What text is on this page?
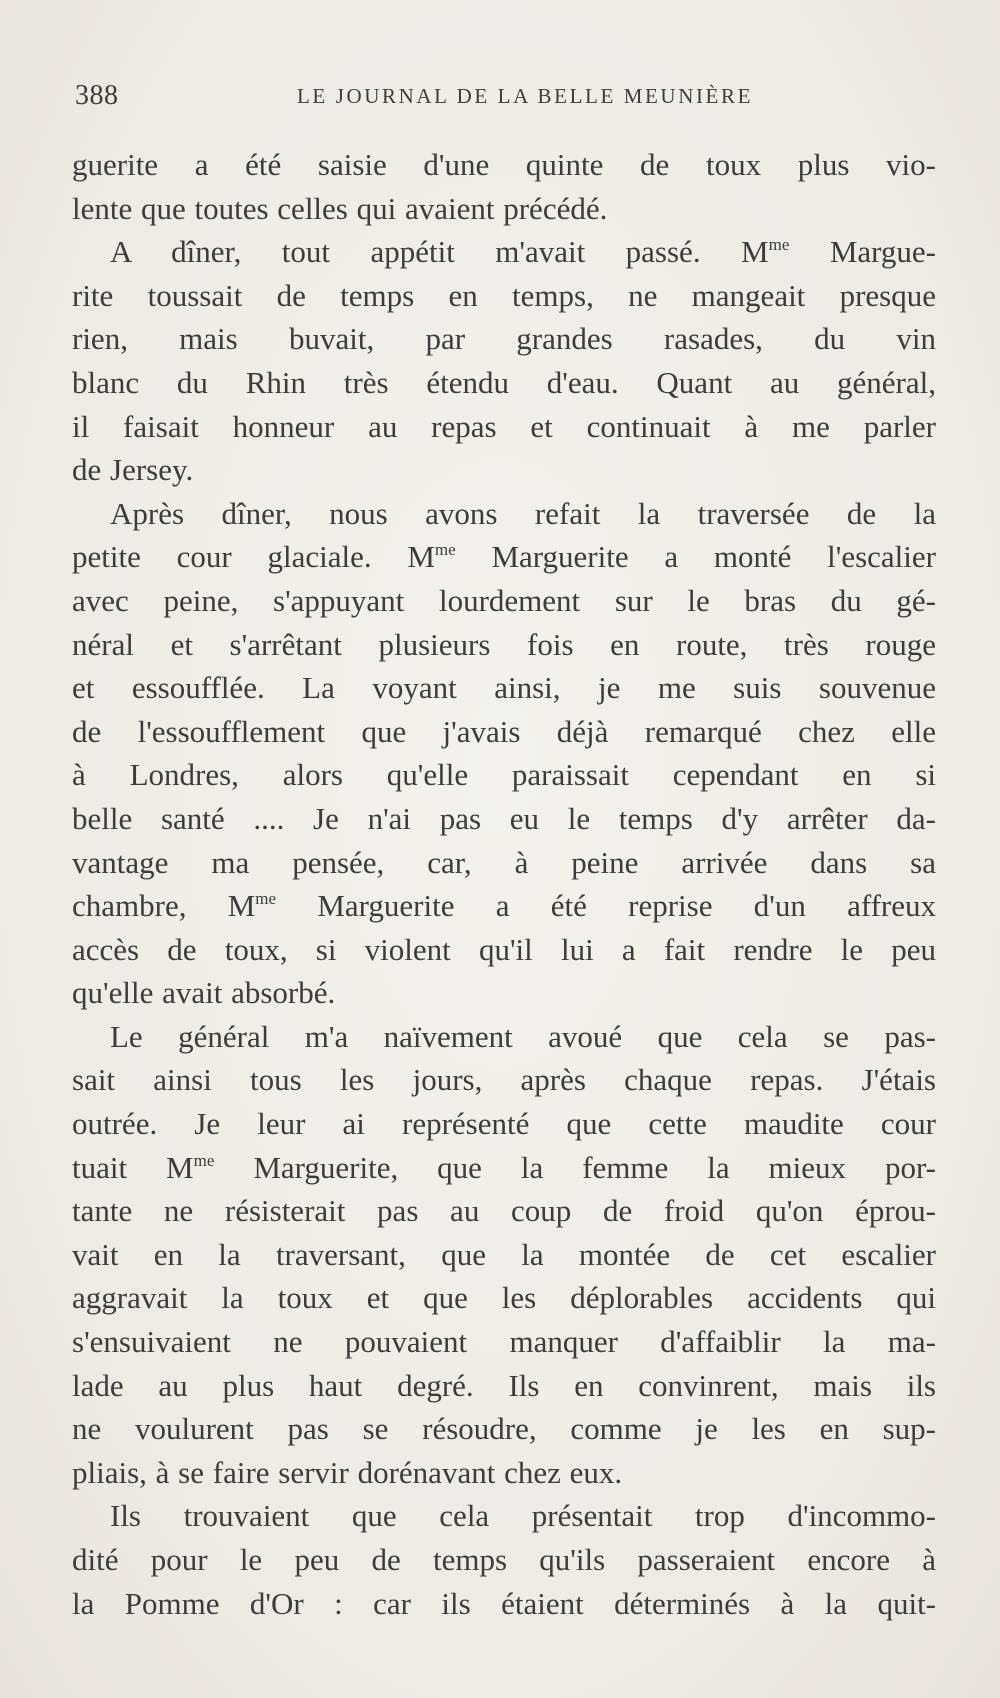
388	LE JOURNAL DE LA BELLE MEUNIÈRE
guerite a été saisie d'une quinte de toux plus vio-
lente que toutes celles qui avaient précédé.
A dîner, tout appétit m'avait passé. $M^{me}$ Margue-
rite toussait de temps en temps, ne mangeait presque
rien, mais buvait, par grandes rasades, du vin
blanc du Rhin très étendu d'eau. Quant au général,
il faisait honneur au repas et continuait à me parler
de Jersey.
Après dîner, nous avons refait la traversée de la
petite cour glaciale. $M^{me}$ Marguerite a monté l'escalier
avec peine, s'appuyant lourdement sur le bras du gé-
néral et s'arrêtant plusieurs fois en route, très rouge
et essoufflée. La voyant ainsi, je me suis souvenue
de l'essoufflement que j'avais déjà remarqué chez elle
à Londres, alors qu'elle paraissait cependant en si
belle santé .... Je n'ai pas eu le temps d'y arrêter da-
vantage ma pensée, car, à peine arrivée dans sa
chambre, $M^{me}$ Marguerite a été reprise d'un affreux
accès de toux, si violent qu'il lui a fait rendre le peu
qu'elle avait absorbé.
Le général m'a naïvement avoué que cela se pas-
sait ainsi tous les jours, après chaque repas. J'étais
outrée. Je leur ai représenté que cette maudite cour
tuait $M^{me}$ Marguerite, que la femme la mieux por-
tante ne résisterait pas au coup de froid qu'on éprou-
vait en la traversant, que la montée de cet escalier
aggravait la toux et que les déplorables accidents qui
s'ensuivaient ne pouvaient manquer d'affaiblir la ma-
lade au plus haut degré. Ils en convinrent, mais ils
ne voulurent pas se résoudre, comme je les en sup-
pliais, à se faire servir dorénavant chez eux.
Ils trouvaient que cela présentait trop d'incommo-
dité pour le peu de temps qu'ils passeraient encore à
la Pomme d'Or : car ils étaient déterminés à la quit-
